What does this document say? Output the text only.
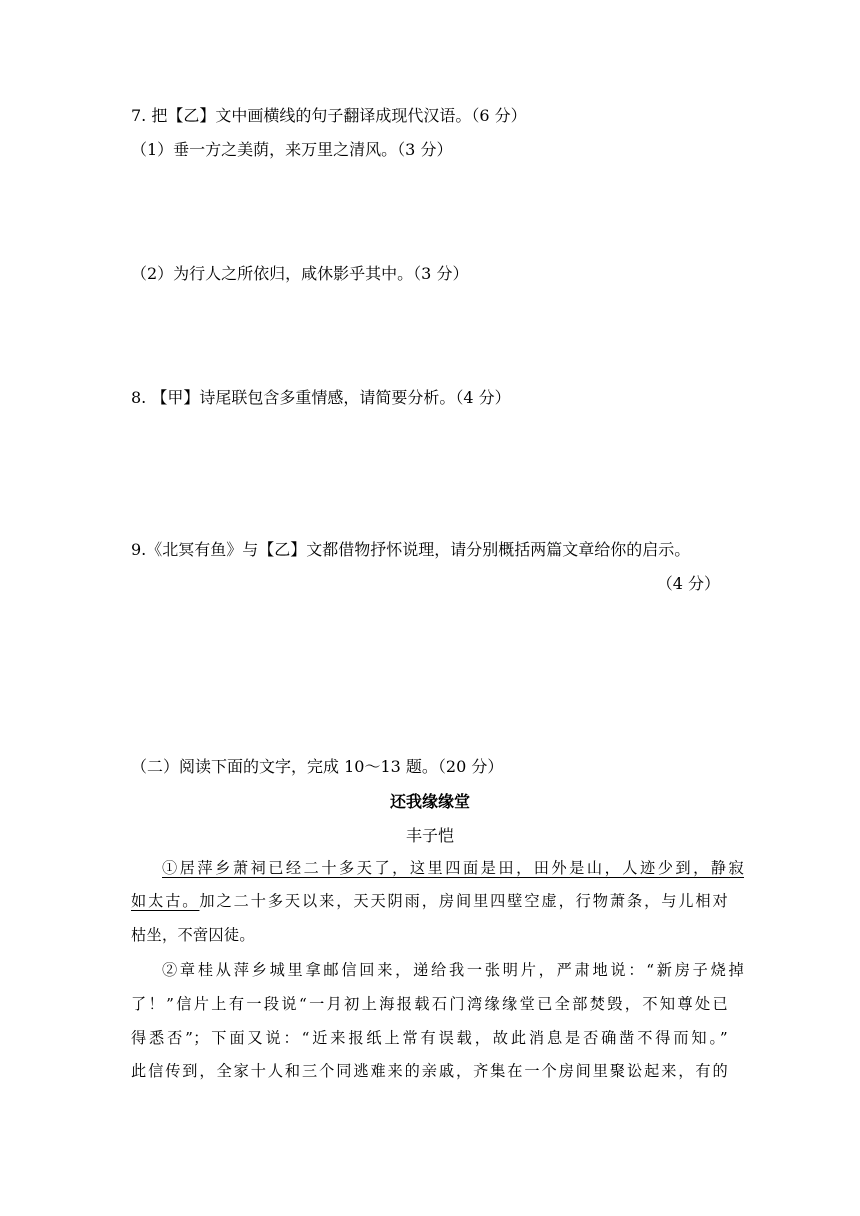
7. 把【乙】文中画横线的句子翻译成现代汉语。（6 分）
（1）垂一方之美荫，来万里之清风。（3 分）
（2）为行人之所依归，咸休影乎其中。（3 分）
8. 【甲】诗尾联包含多重情感，请简要分析。（4 分）
9.《北冥有鱼》与【乙】文都借物抒怀说理，请分别概括两篇文章给你的启示。
（4 分）
（二）阅读下面的文字，完成 10～13 题。（20 分）
还我缘缘堂
丰子恺
①居萍乡萧祠已经二十多天了，这里四面是田，田外是山，人迹少到，静寂
如太古。加之二十多天以来，天天阴雨，房间里四壁空虚，行物萧条，与儿相对
枯坐，不啻囚徒。
②章桂从萍乡城里拿邮信回来，递给我一张明片，严肃地说：“新房子烧掉
了！”信片上有一段说“一月初上海报载石门湾缘缘堂已全部焚毁，不知尊处已
得悉否”；下面又说：“近来报纸上常有误载，故此消息是否确凿不得而知。”
此信传到，全家十人和三个同逃难来的亲戚，齐集在一个房间里聚讼起来，有的
